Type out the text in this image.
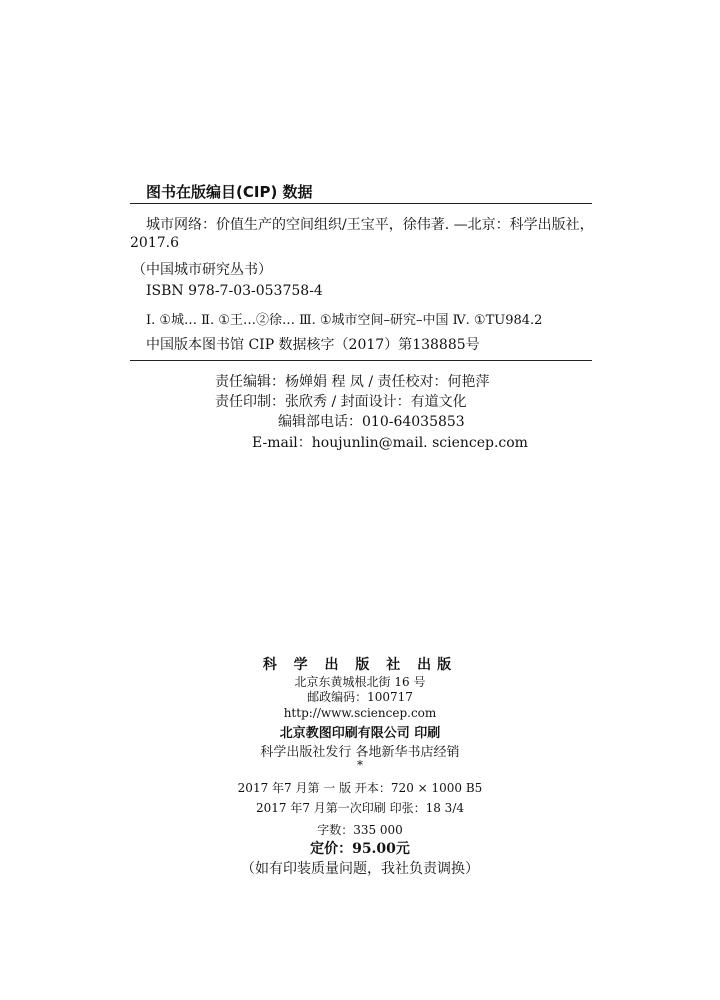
图书在版编目(CIP) 数据
城市网络：价值生产的空间组织/王宝平，徐伟著. —北京：科学出版社，
2017.6
（中国城市研究丛书）
ISBN 978-7-03-053758-4
Ⅰ. ①城… Ⅱ. ①王…②徐… Ⅲ. ①城市空间–研究–中国 Ⅳ. ①TU984.2
中国版本图书馆 CIP 数据核字（2017）第138885号
责任编辑：杨婵娟 程 凤 / 责任校对：何艳萍
责任印制：张欣秀 / 封面设计：有道文化
编辑部电话：010-64035853
E-mail：houjunlin@mail. sciencep.com
科 学 出 版 社 出版
北京东黄城根北街 16 号
邮政编码：100717
http://www.sciencep.com
北京教图印刷有限公司 印刷
科学出版社发行 各地新华书店经销
*
2017 年7 月第 一 版 开本：720 × 1000 B5
2017 年7 月第一次印刷 印张：18 3/4
字数：335 000
定价：95.00元
（如有印装质量问题，我社负责调换）
